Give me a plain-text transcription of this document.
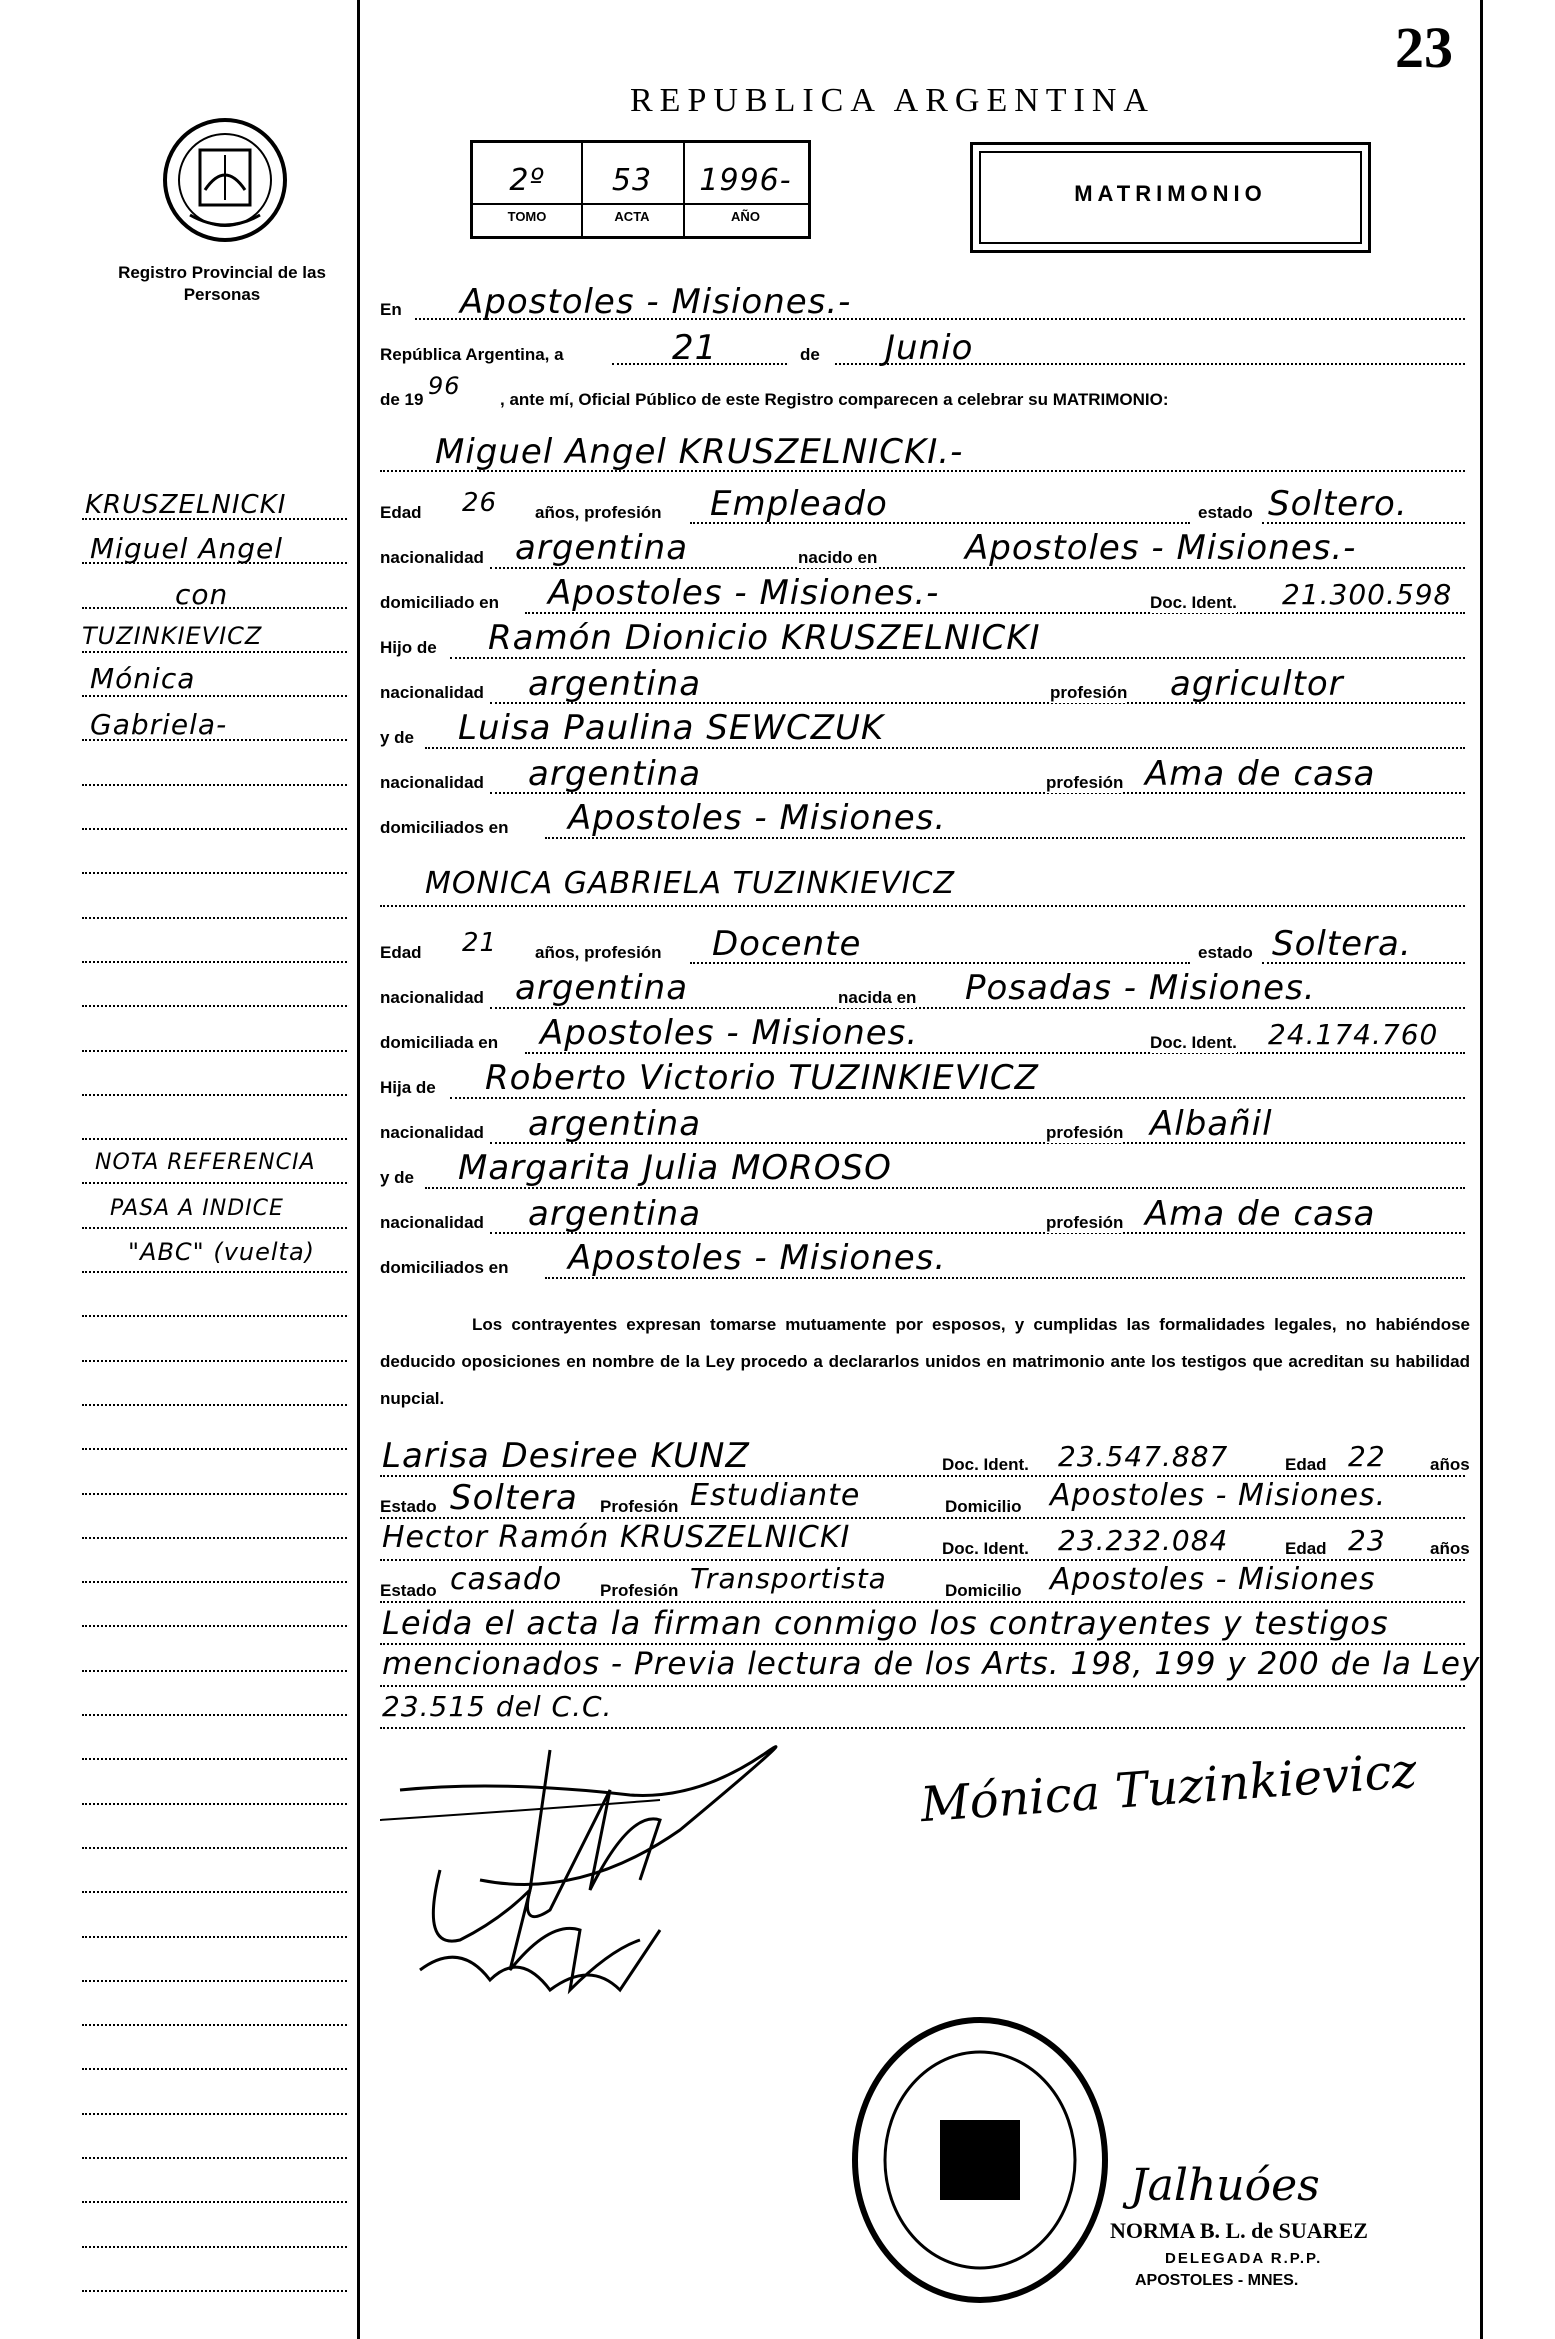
23
Registro Provincial de las Personas
REPUBLICA ARGENTINA
2º	53	1996-
TOMO	ACTA	AÑO
MATRIMONIO
KRUSZELNICKI
Miguel Angel
con
TUZINKIEVICZ
Mónica
Gabriela-
NOTA REFERENCIA
PASA A INDICE
"ABC" (vuelta)
En Apostoles - Misiones.-
República Argentina, a	21	de Junio
de 19 96 , ante mí, Oficial Público de este Registro comparecen a celebrar su MATRIMONIO:
Miguel Angel KRUSZELNICKI.-
Edad 26 años, profesión Empleado	estado Soltero.
nacionalidad argentina	nacido en	Apostoles - Misiones.-
domiciliado en Apostoles - Misiones.-	Doc. Ident. 21.300.598
Hijo de Ramón Dionicio KRUSZELNICKI
nacionalidad argentina	profesión agricultor
y de Luisa Paulina SEWCZUK
nacionalidad argentina	profesión Ama de casa
domiciliados en Apostoles - Misiones.
MONICA GABRIELA TUZINKIEVICZ
Edad 21 años, profesión Docente	estado Soltera.
nacionalidad argentina	nacida en Posadas - Misiones.
domiciliada en Apostoles - Misiones.	Doc. Ident. 24.174.760
Hija de Roberto Victorio TUZINKIEVICZ
nacionalidad argentina	profesión Albañil
y de Margarita Julia MOROSO
nacionalidad argentina	profesión Ama de casa
domiciliados en Apostoles - Misiones.
Los contrayentes expresan tomarse mutuamente por esposos, y cumplidas las formalidades legales, no habiéndose deducido oposiciones en nombre de la Ley procedo a declararlos unidos en matrimonio ante los testigos que acreditan su habilidad nupcial.
Larisa Desiree KUNZ	Doc. Ident. 23.547.887	Edad 22	años
Estado Soltera Profesión Estudiante	Domicilio Apostoles - Misiones.
Hector Ramón KRUSZELNICKI	Doc. Ident. 23.232.084	Edad 23	años
Estado casado Profesión Transportista	Domicilio Apostoles - Misiones
Leida el acta la firman conmigo los contrayentes y testigos
mencionados - Previa lectura de los Arts. 198, 199 y 200 de la Ley
23.515 del C.C.
Mónica Tuzinkievicz
Jalhuóes
NORMA B. L. de SUAREZ
DELEGADA R.P.P.
APOSTOLES - MNES.
